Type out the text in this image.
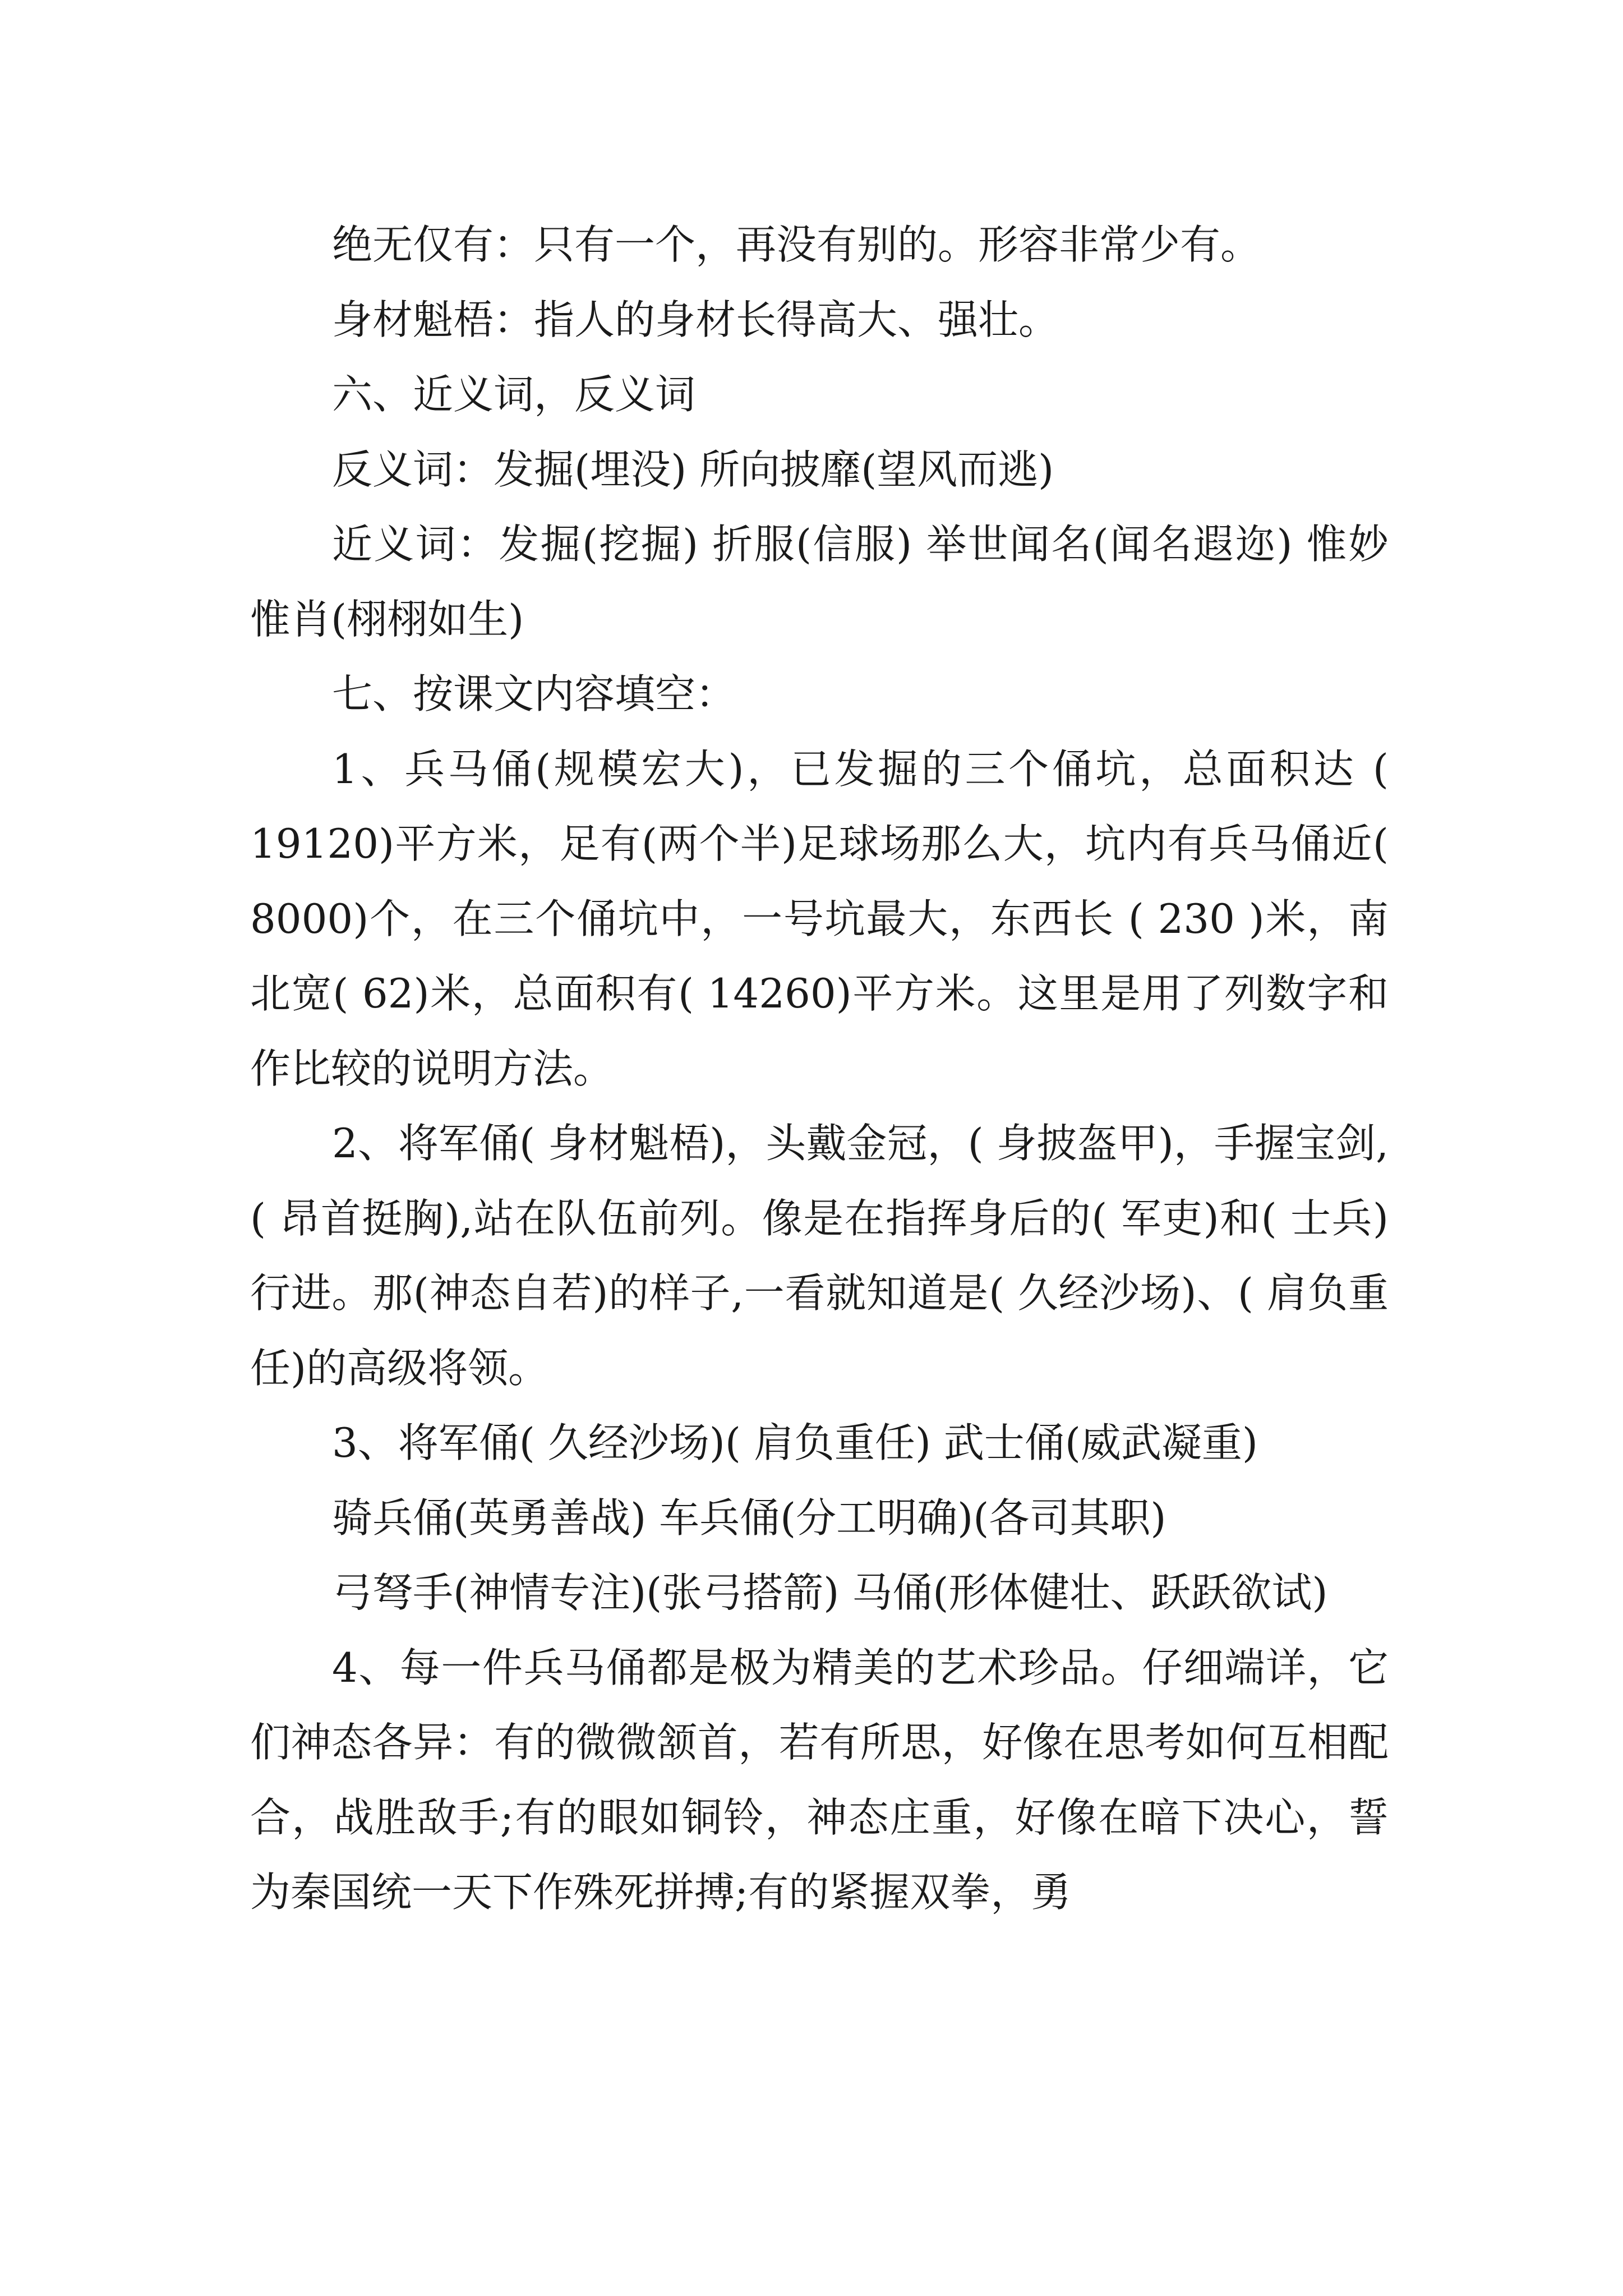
绝无仅有：只有一个，再没有别的。形容非常少有。

身材魁梧：指人的身材长得高大、强壮。

六、近义词，反义词

反义词：发掘(埋没) 所向披靡(望风而逃)

近义词：发掘(挖掘) 折服(信服) 举世闻名(闻名遐迩) 惟妙惟肖(栩栩如生)

七、按课文内容填空：

1、兵马俑(规模宏大)，已发掘的三个俑坑，总面积达 ( 19120)平方米，足有(两个半)足球场那么大，坑内有兵马俑近( 8000)个，在三个俑坑中，一号坑最大，东西长 ( 230 )米，南北宽( 62)米，总面积有( 14260)平方米。这里是用了列数字和作比较的说明方法。

2、将军俑( 身材魁梧)，头戴金冠，( 身披盔甲)，手握宝剑,( 昂首挺胸),站在队伍前列。像是在指挥身后的( 军吏)和( 士兵)行进。那(神态自若)的样子,一看就知道是( 久经沙场)、( 肩负重任)的高级将领。

3、将军俑( 久经沙场)( 肩负重任) 武士俑(威武凝重)

骑兵俑(英勇善战) 车兵俑(分工明确)(各司其职)

弓弩手(神情专注)(张弓搭箭) 马俑(形体健壮、跃跃欲试)

4、每一件兵马俑都是极为精美的艺术珍品。仔细端详，它们神态各异：有的微微颔首，若有所思，好像在思考如何互相配合，战胜敌手;有的眼如铜铃，神态庄重，好像在暗下决心，誓为秦国统一天下作殊死拼搏;有的紧握双拳，勇
